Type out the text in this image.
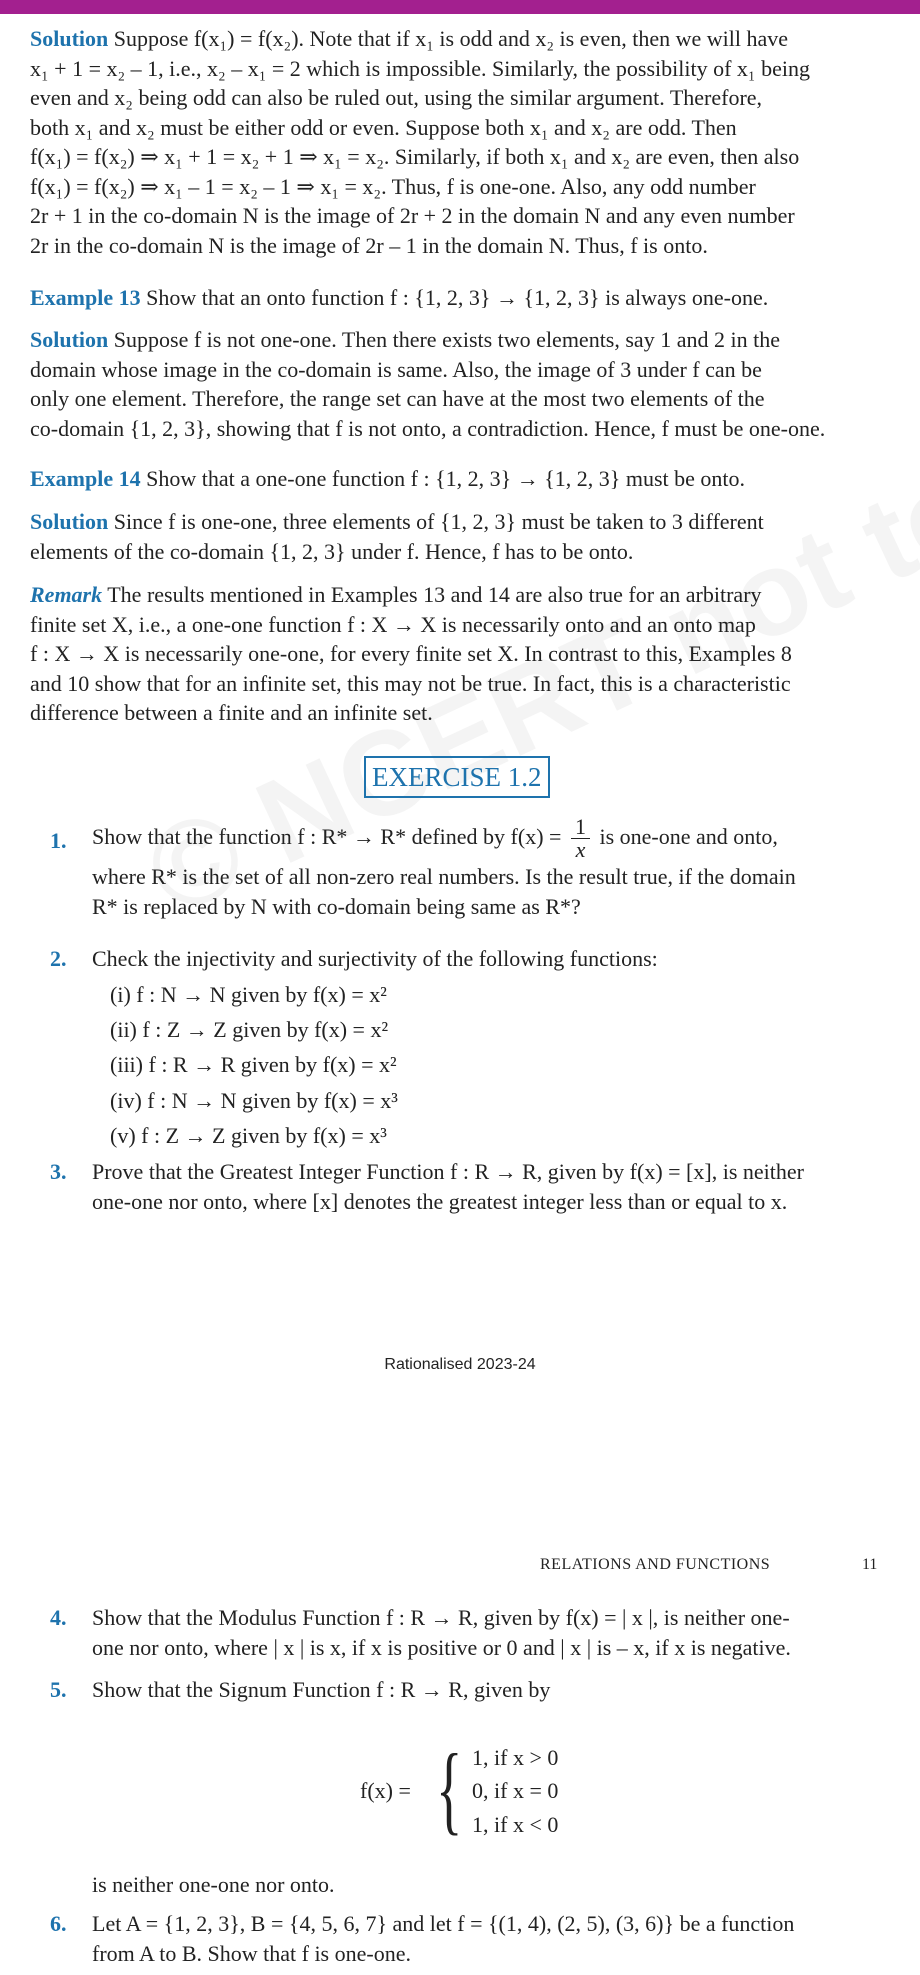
Solution Suppose f(x₁) = f(x₂). Note that if x₁ is odd and x₂ is even, then we will have
x₁ + 1 = x₂ – 1, i.e., x₂ – x₁ = 2 which is impossible. Similarly, the possibility of x₁ being
even and x₂ being odd can also be ruled out, using the similar argument. Therefore,
both x₁ and x₂ must be either odd or even. Suppose both x₁ and x₂ are odd. Then
f(x₁) = f(x₂) ⇒ x₁ + 1 = x₂ + 1 ⇒ x₁ = x₂. Similarly, if both x₁ and x₂ are even, then also
f(x₁) = f(x₂) ⇒ x₁ – 1 = x₂ – 1 ⇒ x₁ = x₂. Thus, f is one-one. Also, any odd number
2r + 1 in the co-domain N is the image of 2r + 2 in the domain N and any even number
2r in the co-domain N is the image of 2r – 1 in the domain N. Thus, f is onto.
Example 13 Show that an onto function f : {1, 2, 3} → {1, 2, 3} is always one-one.
Solution Suppose f is not one-one. Then there exists two elements, say 1 and 2 in the
domain whose image in the co-domain is same. Also, the image of 3 under f can be
only one element. Therefore, the range set can have at the most two elements of the
co-domain {1, 2, 3}, showing that f is not onto, a contradiction. Hence, f must be one-one.
Example 14 Show that a one-one function f : {1, 2, 3} → {1, 2, 3} must be onto.
Solution Since f is one-one, three elements of {1, 2, 3} must be taken to 3 different
elements of the co-domain {1, 2, 3} under f. Hence, f has to be onto.
Remark The results mentioned in Examples 13 and 14 are also true for an arbitrary
finite set X, i.e., a one-one function f : X → X is necessarily onto and an onto map
f : X → X is necessarily one-one, for every finite set X. In contrast to this, Examples 8
and 10 show that for an infinite set, this may not be true. In fact, this is a characteristic
difference between a finite and an infinite set.
EXERCISE 1.2
1.	Show that the function f : R* → R* defined by $f(x) = \frac{1}{x}$ is one-one and onto,
where R* is the set of all non-zero real numbers. Is the result true, if the domain
R* is replaced by N with co-domain being same as R*?
2.	Check the injectivity and surjectivity of the following functions:
(i) f : N → N given by f(x) = x²
(ii) f : Z → Z given by f(x) = x²
(iii) f : R → R given by f(x) = x²
(iv) f : N → N given by f(x) = x³
(v) f : Z → Z given by f(x) = x³
3.	Prove that the Greatest Integer Function f : R → R, given by f(x) = [x], is neither
one-one nor onto, where [x] denotes the greatest integer less than or equal to x.
Rationalised 2023-24
RELATIONS AND FUNCTIONS	11
4.	Show that the Modulus Function f : R → R, given by f(x) = | x |, is neither one-
one nor onto, where | x | is x, if x is positive or 0 and | x | is – x, if x is negative.
5.	Show that the Signum Function f : R → R, given by
f(x) = { 1, if x > 0
0, if x = 0
1, if x < 0
is neither one-one nor onto.
6.	Let A = {1, 2, 3}, B = {4, 5, 6, 7} and let f = {(1, 4), (2, 5), (3, 6)} be a function
from A to B. Show that f is one-one.
